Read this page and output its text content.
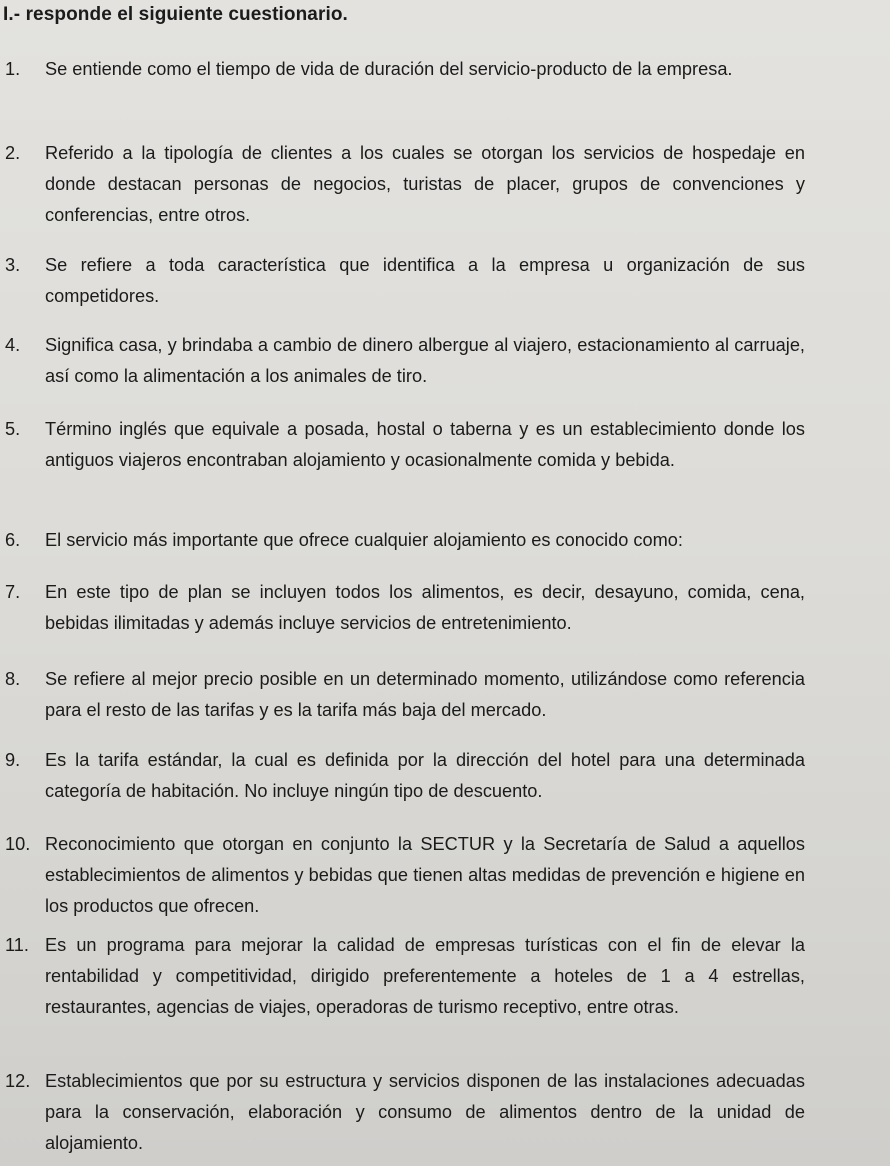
I.- responde el siguiente cuestionario.
1.	Se entiende como el tiempo de vida de duración del servicio-producto de la empresa.
2.	Referido a la tipología de clientes a los cuales se otorgan los servicios de hospedaje en donde destacan personas de negocios, turistas de placer, grupos de convenciones y conferencias, entre otros.
3.	Se refiere a toda característica que identifica a la empresa u organización de sus competidores.
4.	Significa casa, y brindaba a cambio de dinero albergue al viajero, estacionamiento al carruaje, así como la alimentación a los animales de tiro.
5.	Término inglés que equivale a posada, hostal o taberna y es un establecimiento donde los antiguos viajeros encontraban alojamiento y ocasionalmente comida y bebida.
6.	El servicio más importante que ofrece cualquier alojamiento es conocido como:
7.	En este tipo de plan se incluyen todos los alimentos, es decir, desayuno, comida, cena, bebidas ilimitadas y además incluye servicios de entretenimiento.
8.	Se refiere al mejor precio posible en un determinado momento, utilizándose como referencia para el resto de las tarifas y es la tarifa más baja del mercado.
9.	Es la tarifa estándar, la cual es definida por la dirección del hotel para una determinada categoría de habitación. No incluye ningún tipo de descuento.
10. Reconocimiento que otorgan en conjunto la SECTUR y la Secretaría de Salud a aquellos establecimientos de alimentos y bebidas que tienen altas medidas de prevención e higiene en los productos que ofrecen.
11. Es un programa para mejorar la calidad de empresas turísticas con el fin de elevar la rentabilidad y competitividad, dirigido preferentemente a hoteles de 1 a 4 estrellas, restaurantes, agencias de viajes, operadoras de turismo receptivo, entre otras.
12. Establecimientos que por su estructura y servicios disponen de las instalaciones adecuadas para la conservación, elaboración y consumo de alimentos dentro de la unidad de alojamiento.
